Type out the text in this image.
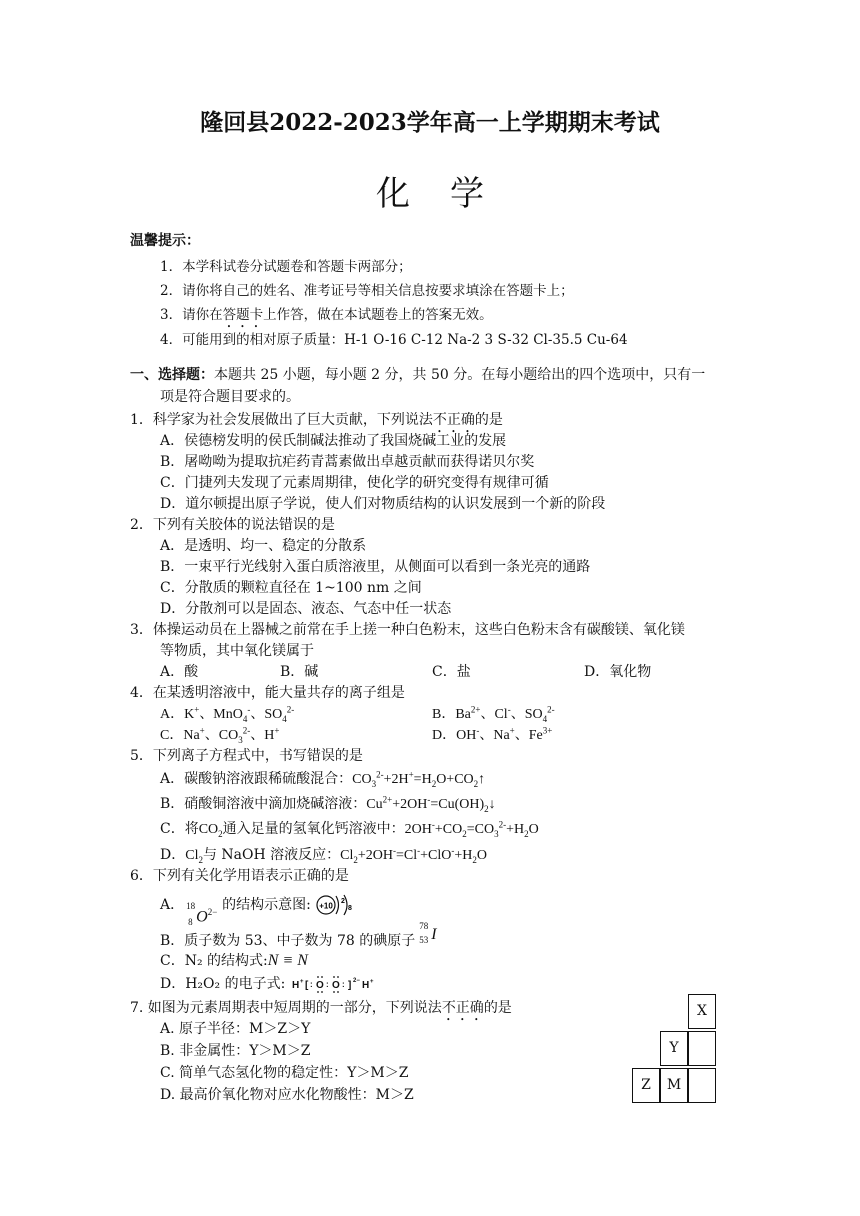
隆回县2022-2023学年高一上学期期末考试
化学
温馨提示：
1．本学科试卷分试题卷和答题卡两部分；
2．请你将自己的姓名、准考证号等相关信息按要求填涂在答题卡上；
3．请你在答题卡上作答，做在本试题卷上的答案无效。
4．可能用到的相对原子质量：H-1 O-16 C-12 Na-2 3 S-32 Cl-35.5 Cu-64
一、选择题：本题共 25 小题，每小题 2 分，共 50 分。在每小题给出的四个选项中，只有一
项是符合题目要求的。
1．科学家为社会发展做出了巨大贡献，下列说法不正确的是
A．侯德榜发明的侯氏制碱法推动了我国烧碱工业的发展
B．屠呦呦为提取抗疟药青蒿素做出卓越贡献而获得诺贝尔奖
C．门捷列夫发现了元素周期律，使化学的研究变得有规律可循
D．道尔顿提出原子学说，使人们对物质结构的认识发展到一个新的阶段
2．下列有关胶体的说法错误的是
A．是透明、均一、稳定的分散系
B．一束平行光线射入蛋白质溶液里，从侧面可以看到一条光亮的通路
C．分散质的颗粒直径在 1~100 nm 之间
D．分散剂可以是固态、液态、气态中任一状态
3．体操运动员在上器械之前常在手上搓一种白色粉末，这些白色粉末含有碳酸镁、氧化镁
等物质，其中氧化镁属于
A．酸	B．碱	C．盐	D．氧化物
4．在某透明溶液中，能大量共存的离子组是
A．K+、MnO$_4$-、$SO_4^{2-}$	B．$Ba^{2+}$、Cl-、$SO_4^{2-}$
C．Na+、$CO_3^{2-}$、H+	D．OH-、Na+、$Fe^{3+}$
5．下列离子方程式中，书写错误的是
A．碳酸钠溶液跟稀硫酸混合：$CO_3^{2-}+2H^+=H_2O+CO_2↑$
B．硝酸铜溶液中滴加烧碱溶液：$Cu^{2+}+2OH^-=Cu(OH)_2↓$
C．将$CO_2$通入足量的氢氧化钙溶液中：$2OH^-+CO_2=CO_3^{2-}+H_2O$
D．$Cl_2$与 NaOH 溶液反应：$Cl_2+2OH^-=Cl^-+ClO^-+H_2O$
6．下列有关化学用语表示正确的是
A． 18
8 $O^{2-}$ 的结构示意图: +10 2
8
B．质子数为 53、中子数为 78 的碘原子
78
53 I
C．N₂ 的结构式:N ≡ N
D．H₂O₂ 的电子式: H + [ : O : O : ] 2− H +
7. 如图为元素周期表中短周期的一部分，下列说法不正确的是
A. 原子半径：M＞Z＞Y
B. 非金属性：Y＞M＞Z
C. 简单气态氢化物的稳定性：Y＞M＞Z
D. 最高价氧化物对应水化物酸性：M＞Z
X
Y
Z	M
